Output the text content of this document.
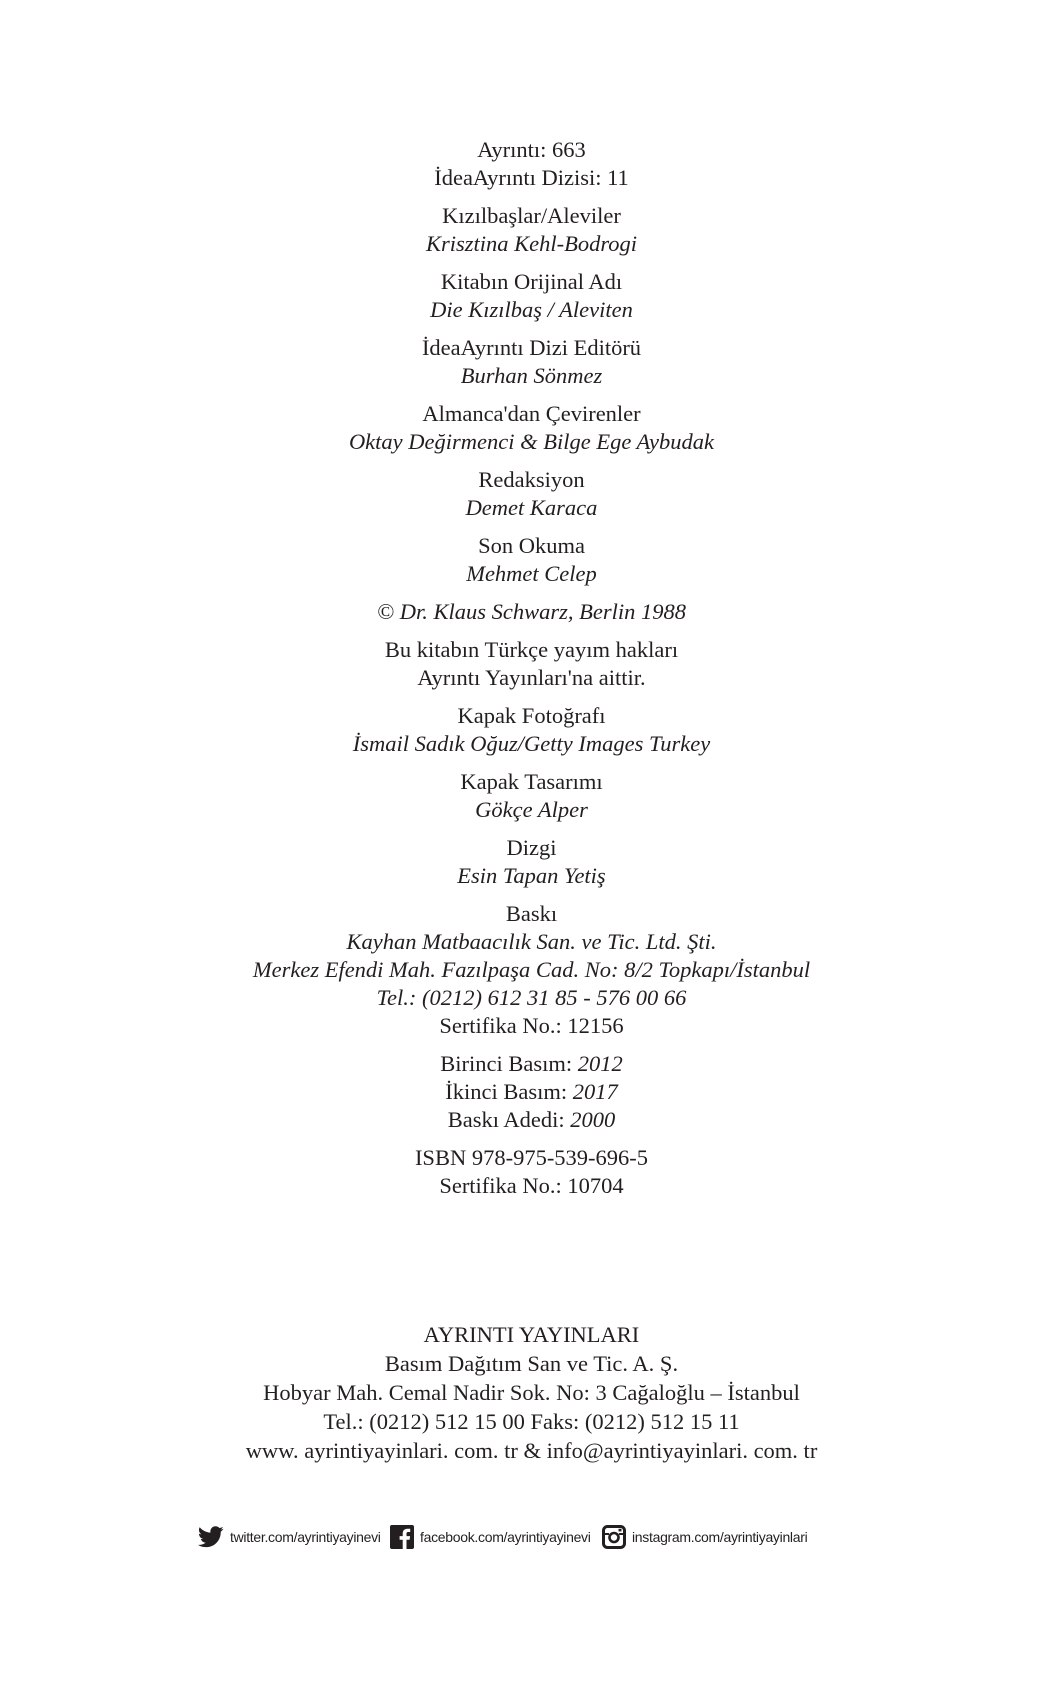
Ayrıntı: 663
İdeaAyrıntı Dizisi: 11
Kızılbaşlar/Aleviler
Krisztina Kehl-Bodrogi
Kitabın Orijinal Adı
Die Kızılbaş / Aleviten
İdeaAyrıntı Dizi Editörü
Burhan Sönmez
Almanca'dan Çevirenler
Oktay Değirmenci & Bilge Ege Aybudak
Redaksiyon
Demet Karaca
Son Okuma
Mehmet Celep
© Dr. Klaus Schwarz, Berlin 1988
Bu kitabın Türkçe yayım hakları
Ayrıntı Yayınları'na aittir.
Kapak Fotoğrafı
İsmail Sadık Oğuz/Getty Images Turkey
Kapak Tasarımı
Gökçe Alper
Dizgi
Esin Tapan Yetiş
Baskı
Kayhan Matbaacılık San. ve Tic. Ltd. Şti.
Merkez Efendi Mah. Fazılpaşa Cad. No: 8/2 Topkapı/İstanbul
Tel.: (0212) 612 31 85 - 576 00 66
Sertifika No.: 12156
Birinci Basım: 2012
İkinci Basım: 2017
Baskı Adedi: 2000
ISBN 978-975-539-696-5
Sertifika No.: 10704
AYRINTI YAYINLARI
Basım Dağıtım San ve Tic. A. Ş.
Hobyar Mah. Cemal Nadir Sok. No: 3 Cağaloğlu – İstanbul
Tel.: (0212) 512 15 00 Faks: (0212) 512 15 11
www. ayrintiyayinlari. com. tr & info@ayrintiyayinlari. com. tr
twitter.com/ayrintiyayinevi	facebook.com/ayrintiyayinevi	instagram.com/ayrintiyayinlari
